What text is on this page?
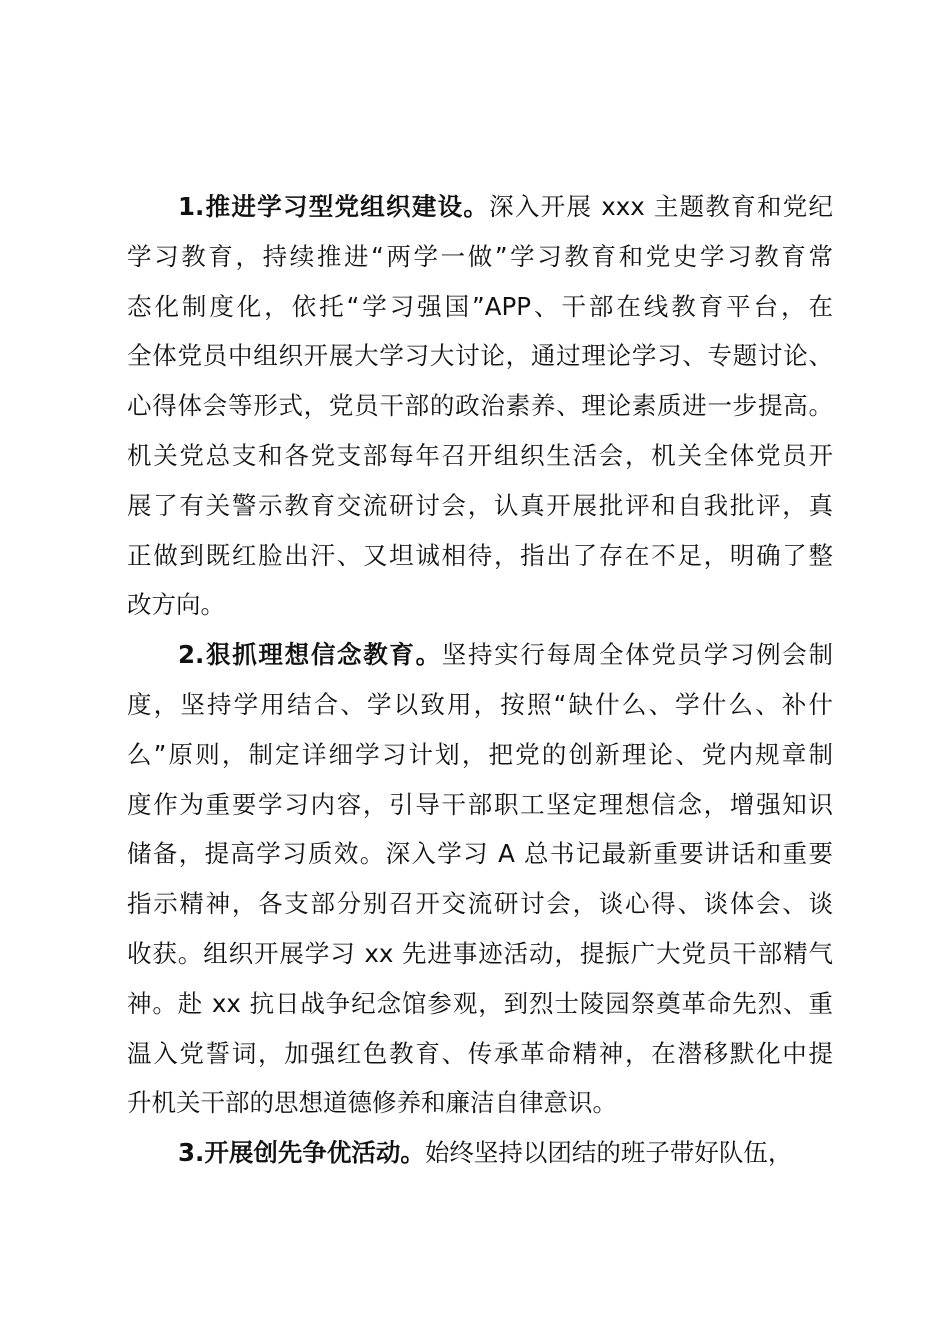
1.推进学习型党组织建设。深入开展 xxx 主题教育和党纪
学习教育，持续推进“两学一做”学习教育和党史学习教育常
态化制度化，依托“学习强国”APP、干部在线教育平台，在
全体党员中组织开展大学习大讨论，通过理论学习、专题讨论、
心得体会等形式，党员干部的政治素养、理论素质进一步提高。
机关党总支和各党支部每年召开组织生活会，机关全体党员开
展了有关警示教育交流研讨会，认真开展批评和自我批评，真
正做到既红脸出汗、又坦诚相待，指出了存在不足，明确了整
改方向。

2.狠抓理想信念教育。坚持实行每周全体党员学习例会制
度，坚持学用结合、学以致用，按照“缺什么、学什么、补什
么”原则，制定详细学习计划，把党的创新理论、党内规章制
度作为重要学习内容，引导干部职工坚定理想信念，增强知识
储备，提高学习质效。深入学习 A 总书记最新重要讲话和重要
指示精神，各支部分别召开交流研讨会，谈心得、谈体会、谈
收获。组织开展学习 xx 先进事迹活动，提振广大党员干部精气
神。赴 xx 抗日战争纪念馆参观，到烈士陵园祭奠革命先烈、重
温入党誓词，加强红色教育、传承革命精神，在潜移默化中提
升机关干部的思想道德修养和廉洁自律意识。

3.开展创先争优活动。始终坚持以团结的班子带好队伍，
